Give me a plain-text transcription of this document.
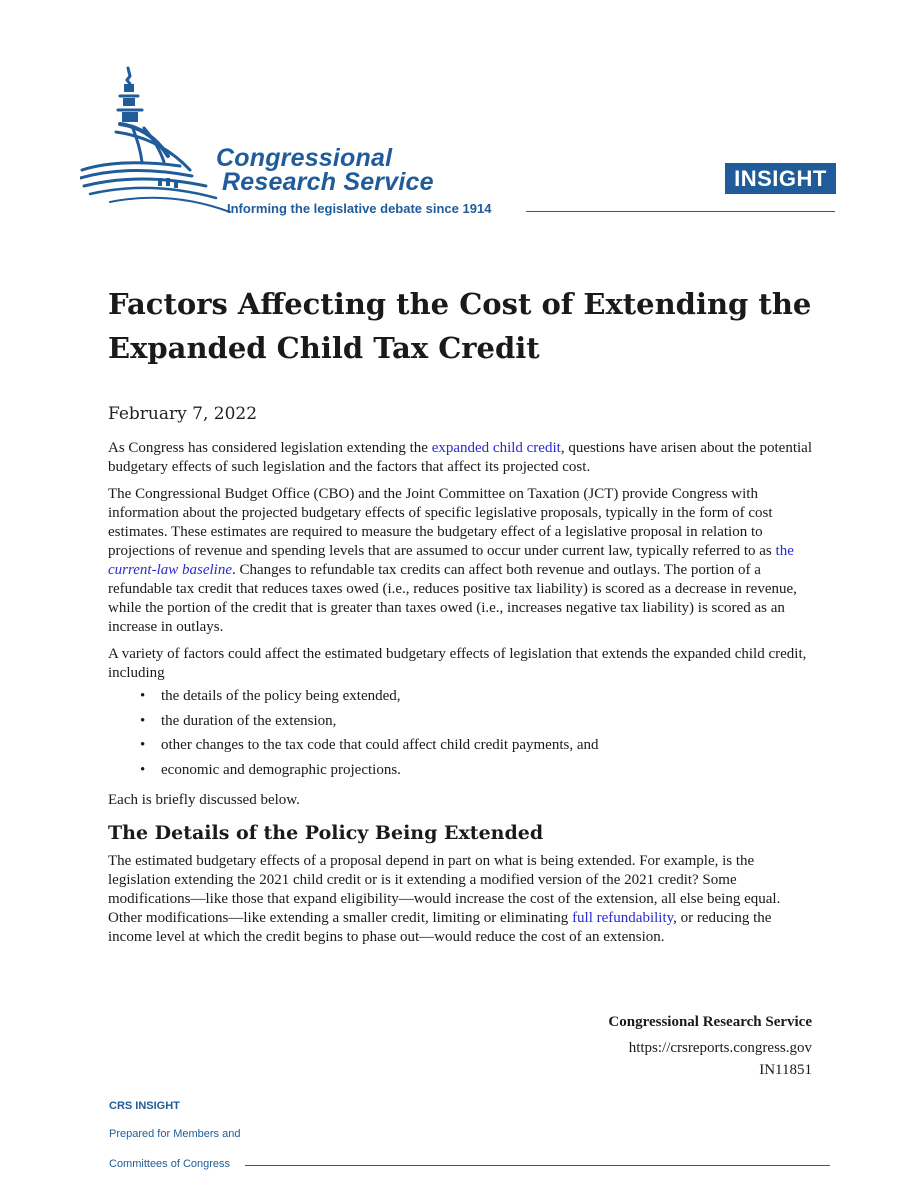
Congressional
Research Service
Informing the legislative debate since 1914
INSIGHT
Factors Affecting the Cost of Extending the Expanded Child Tax Credit
February 7, 2022

As Congress has considered legislation extending the expanded child credit, questions have arisen about the potential budgetary effects of such legislation and the factors that affect its projected cost.

The Congressional Budget Office (CBO) and the Joint Committee on Taxation (JCT) provide Congress with information about the projected budgetary effects of specific legislative proposals, typically in the form of cost estimates. These estimates are required to measure the budgetary effect of a legislative proposal in relation to projections of revenue and spending levels that are assumed to occur under current law, typically referred to as the current-law baseline. Changes to refundable tax credits can affect both revenue and outlays. The portion of a refundable tax credit that reduces taxes owed (i.e., reduces positive tax liability) is scored as a decrease in revenue, while the portion of the credit that is greater than taxes owed (i.e., increases negative tax liability) is scored as an increase in outlays.

A variety of factors could affect the estimated budgetary effects of legislation that extends the expanded child credit, including

• the details of the policy being extended,
• the duration of the extension,
• other changes to the tax code that could affect child credit payments, and
• economic and demographic projections.

Each is briefly discussed below.

The Details of the Policy Being Extended

The estimated budgetary effects of a proposal depend in part on what is being extended. For example, is the legislation extending the 2021 child credit or is it extending a modified version of the 2021 credit? Some modifications—like those that expand eligibility—would increase the cost of the extension, all else being equal. Other modifications—like extending a smaller credit, limiting or eliminating full refundability, or reducing the income level at which the credit begins to phase out—would reduce the cost of an extension.

Congressional Research Service
https://crsreports.congress.gov
IN11851
CRS INSIGHT
Prepared for Members and
Committees of Congress
